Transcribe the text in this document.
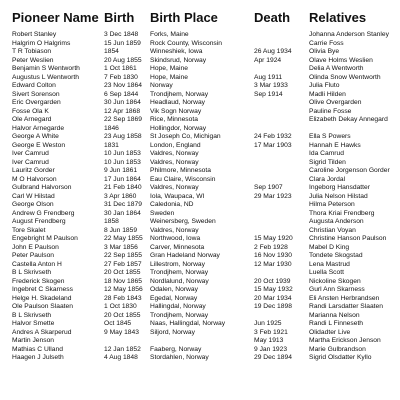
Pioneer Name	Birth	Birth Place	Death	Relatives
Robert Stanley	3 Dec 1848	Forks, Maine		Johanna Anderson Stanley
Halgrim O Halgrims	15 Jun 1859	Rock County, Wisconsin		Carrie Foss
T R Tobiason	1854	Winneshiek, Iowa	26 Aug 1934	Olivia Bye
Peter Weslien	20 Aug 1855	Skindsrud, Norway	Apr 1924	Olave Holms Weslien
Benjamin S Wentworth	1 Oct 1861	Hope, Maine		Delia A Wentworth
Augustus L Wentworth	7 Feb 1830	Hope, Maine	Aug 1911	Olinda Snow Wentworth
Edward Colton	23 Nov 1864	Norway	3 Mar 1933	Julia Fluto
Sivert Sorenson	6 Sep 1844	Trondjhem, Norway	Sep 1914	Madli Hilden
Eric Overgarden	30 Jun 1864	Headlaud, Norway		Olive Overgarden
Fosse Ola K	12 Apr 1868	Vik Sogn Norway		Pauline Fosse
Ole Arnegard	22 Sep 1869	Rice, Minnesota		Elizabeth Dekay Annegard
Halvor Arnegarde	1846	Hollingdor, Norway		
George A White	23 Aug 1858	St Joseph Co, Michigan	24 Feb 1932	Ella S Powers
George E Weston	1831	London, England	17 Mar 1903	Hannah E Hawks
Iver Camrud	10 Jun 1853	Valdres, Norway		Ida Camrud
Iver Camrud	10 Jun 1853	Valdres, Norway		Sigrid Tilden
Lauritz Gorder	9 Jun 1861	Philmore, Minnesota		Caroline Jorgenson Gorder
M O Halvorson	17 Jun 1864	Eau Claire, Wisconsin		Clara Jordal
Gulbrand Halvorson	21 Feb 1840	Valdres, Norway	Sep 1907	Ingeborg Hansdatter
Carl W Hilstad	3 Apr 1860	Iola, Waupaca, WI	29 Mar 1923	Julia Nelson Hilstad
George Olson	31 Dec 1879	Caledonia, ND		Hilma Peterson
Andrew G Frendberg	30 Jan 1864	Sweden		Thora Kriai Frendberg
August Frendberg	1858	Weinersberg, Sweden		Augusta Anderson
Tore Skalet	8 Jun 1859	Valdres, Norway		Christian Voyan
Engebright M Paulson	22 May 1855	Northwood, Iowa	15 May 1920	Christine Hanson Paulson
John E Paulson	3 Mar 1856	Carver, Minnesota	2 Feb 1928	Mabel D King
Peter Paulson	22 Sep 1855	Gran Hadeland Norway	16 Nov 1930	Tondete Skogstad
Castella Anton H	27 Feb 1857	Lillestrom, Norway	12 Mar 1930	Lena Mastrud
B L Skrivseth	20 Oct 1855	Trondjhem, Norway		Luella Scott
Frederick Skogen	18 Nov 1865	Nordlalund, Norway	20 Oct 1939	Nickoline Skogen
Ingebret C Skarness	12 May 1856	Odalen, Norway	15 May 1932	Gurl Ann Skarness
Helge H. Skadeland	28 Feb 1843	Egedal, Norway	20 Mar 1934	Eli Ansten Herbrandsen
Ole Paulson Slaaten	1 Oct 1830	Hallingdal, Norway	19 Dec 1898	Randi Larsdatter Slaaten
B L Skrivseth	20 Oct 1855	Trondjhem, Norway		Marianna Nelson
Halvor Smette	Oct 1845	Naas, Hallingdal, Norway	Jun 1925	Randi L Finneseth
Andres A Skarperud	9 May 1843	Siljord, Norway	3 Feb 1921	Olidadter Live
Martin Jenson			May 1913	Martha Erickson Jenson
Mathias C Ulland	12 Jan 1852	Faaberg, Norway	9 Jan 1923	Marie Gulbrandson
Haagen J Julseth	4 Aug 1848	Stordahlen, Norway	29 Dec 1894	Sigrid Olsdatter Kyllo
